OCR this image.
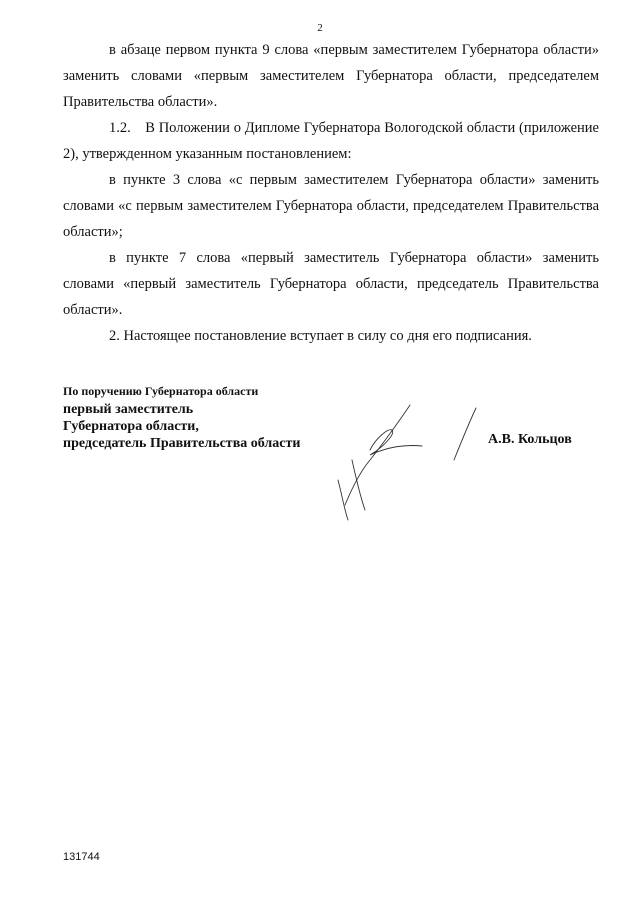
2

в абзаце первом пункта 9 слова «первым заместителем Губернатора области» заменить словами «первым заместителем Губернатора области, председателем Правительства области».

1.2. В Положении о Дипломе Губернатора Вологодской области (приложение 2), утвержденном указанным постановлением:

в пункте 3 слова «с первым заместителем Губернатора области» заменить словами «с первым заместителем Губернатора области, председателем Правительства области»;

в пункте 7 слова «первый заместитель Губернатора области» заменить словами «первый заместитель Губернатора области, председатель Правительства области».

2. Настоящее постановление вступает в силу со дня его подписания.

По поручению Губернатора области
первый заместитель
Губернатора области,
председатель Правительства области	А.В. Кольцов
131744
